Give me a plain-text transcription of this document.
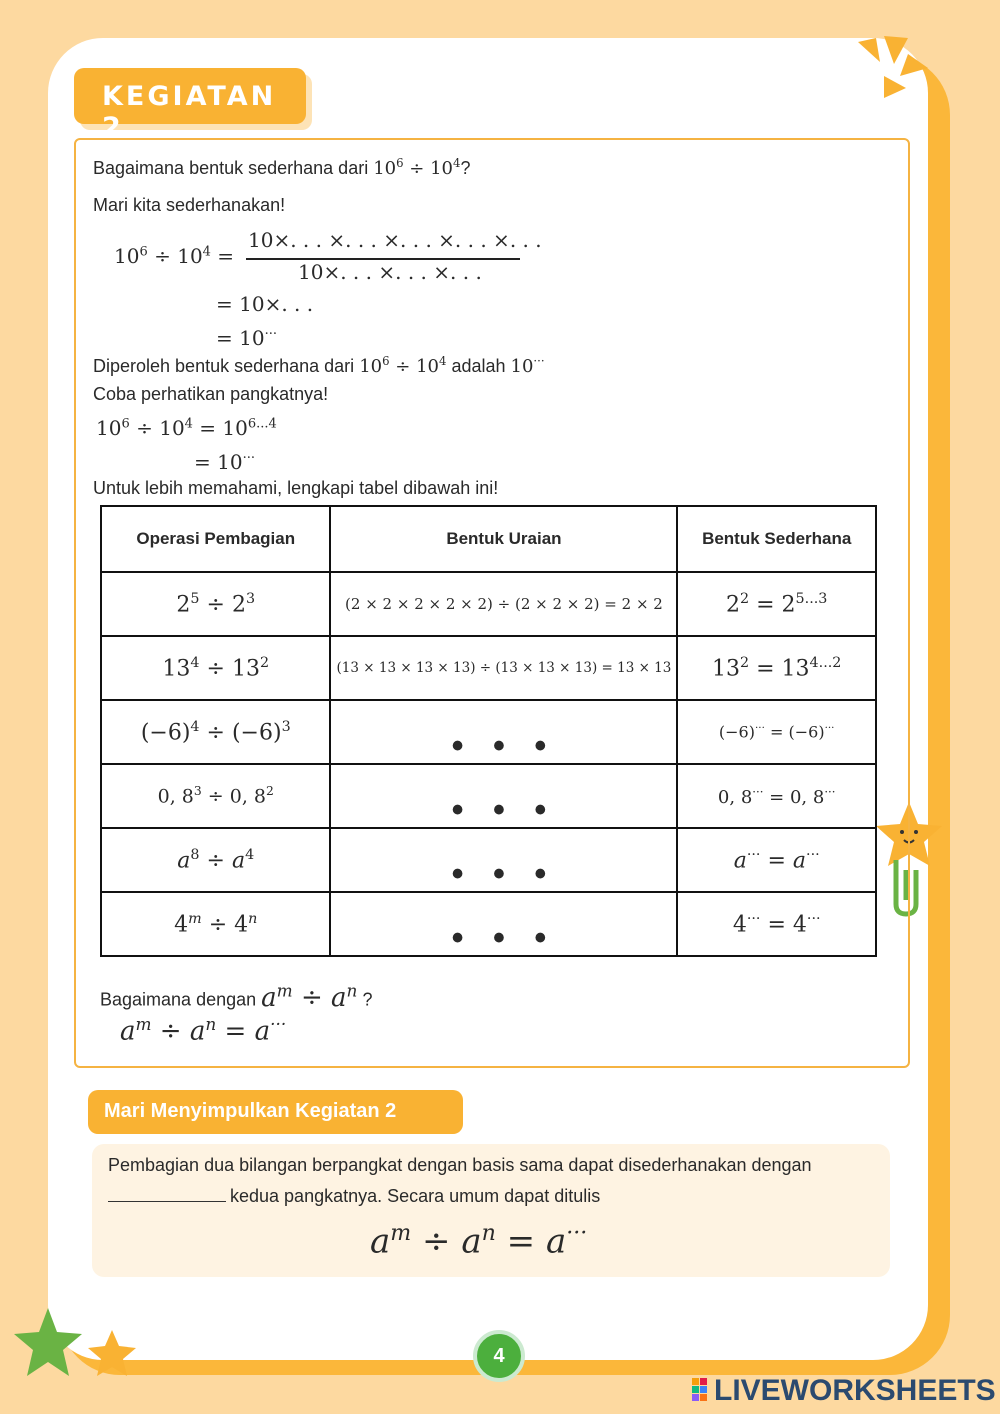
KEGIATAN 2
Bagaimana bentuk sederhana dari $10^6 \div 10^4$?
Mari kita sederhanakan!
$10^6 \div 10^4$ =
10×. . . ×. . . ×. . . ×. . . ×. . .
10×. . . ×. . . ×. . .
= 10×. . .
= 10···
Diperoleh bentuk sederhana dari $10^6 \div 10^4$ adalah 10···
Coba perhatikan pangkatnya!
$10^6 \div 10^4 = 10^{6...4}$
= 10···
Untuk lebih memahami, lengkapi tabel dibawah ini!
Operasi Pembagian	Bentuk Uraian	Bentuk Sederhana
$2^5 \div 2^3$	(2 × 2 × 2 × 2 × 2) ÷ (2 × 2 × 2) = 2 × 2	$2^2 = 2^{5...3}$
$13^4 \div 13^2$	(13 × 13 × 13 × 13) ÷ (13 × 13 × 13) = 13 × 13	$13^2 = 13^{4...2}$
$(-6)^4 \div (-6)^3$	• • •	(−6)··· = (−6)···
0, $8^3 \div 0$, $8^2$	• • •	0, 8··· = 0, 8···
$a^8 \div a^4$	• • •	a··· = a···
$4^m \div 4^n$	• • •	4··· = 4···
Bagaimana dengan $a^m \div a^n$ ?
$a^m \div a^n = a^{\cdot\cdot\cdot}$
Mari Menyimpulkan Kegiatan 2
Pembagian dua bilangan berpangkat dengan basis sama dapat disederhanakan dengan
kedua pangkatnya. Secara umum dapat ditulis
$a^m \div a^n = a^{\cdot\cdot\cdot}$
4
LIVEWORKSHEETS
